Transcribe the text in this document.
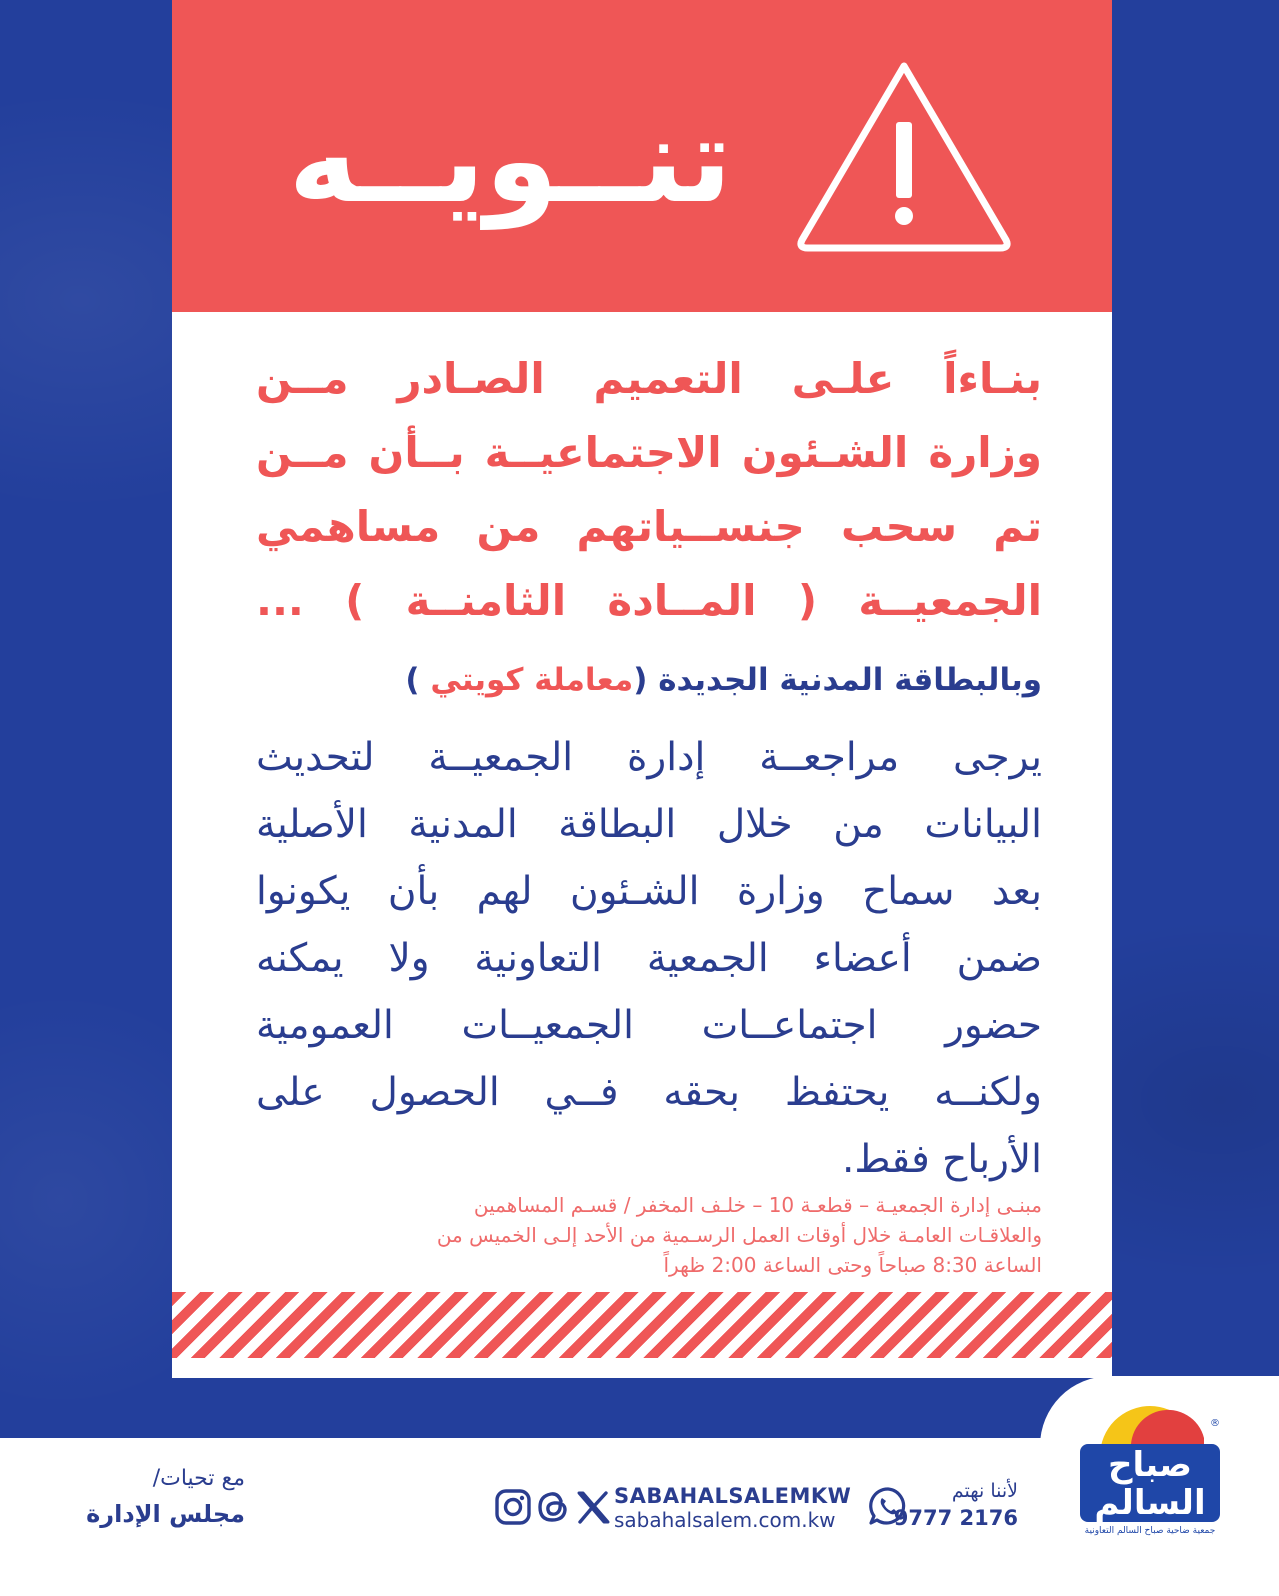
تنــويــه
بنـاءاً علـى التعميم الصـادر مــن
وزارة الشـئون الاجتماعيــة بــأن مــن
تم سحب جنســياتهم من مساهمي
الجمعيــة ( المــادة الثامنــة ) ...
وبالبطاقة المدنية الجديدة (معاملة كويتي )
يرجى مراجعــة إدارة الجمعيــة لتحديث
البيانات من خلال البطاقة المدنية الأصلية
بعد سماح وزارة الشـئون لهم بأن يكونوا
ضمن أعضاء الجمعية التعاونية ولا يمكنه
حضور اجتماعــات الجمعيــات العمومية
ولكنــه يحتفظ بحقه فــي الحصول على
الأرباح فقط.
مبنـى إدارة الجمعيـة – قطعـة 10 – خلـف المخفر / قسـم المساهمين
والعلاقـات العامـة خلال أوقات العمل الرسـمية من الأحد إلـى الخميس من
الساعة 8:30 صباحاً وحتى الساعة 2:00 ظهراً
صباح السالم
جمعية ضاحية صباح السالم التعاونية
®
لأننا نهتم
9777 2176
SABAHALSALEMKW
sabahalsalem.com.kw
مع تحيات/
مجلس الإدارة
